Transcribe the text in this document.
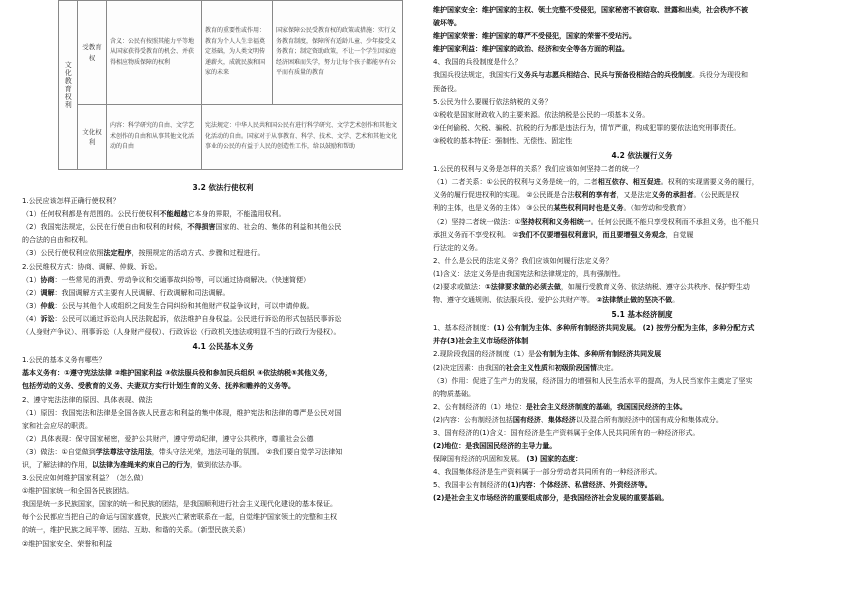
文化教育权利	受教育权	含义：公民有按照其能力平等地从国家获得受教育的机会、并获得相应物质保障的权利	教育的重要性或作用：教育为个人人生幸福奠定基础，为人类文明传递薪火，成就民族和国家的未来	国家保障公民受教育权的政策或措施：实行义务教育制度，保障所有适龄儿童、少年接受义务教育；制定资助政策，不让一个学生因家庭经济困难而失学，努力让每个孩子都能享有公平而有质量的教育
	文化权利	内容：科学研究的自由、文学艺术创作的自由和从事其他文化活动的自由	宪法规定：中华人民共和国公民有进行科学研究、文学艺术创作和其他文化活动的自由。国家对于从事教育、科学、技术、文学、艺术和其他文化事业的公民的有益于人民的创造性工作，给以鼓励和帮助	

3.2 依法行使权利

1.公民应该怎样正确行使权利？

（1）任何权利都是有范围的。公民行使权利不能超越它本身的界限，不能滥用权利。

（2）我国宪法规定，公民在行使自由和权利的时候，不得损害国家的、社会的、集体的利益和其他公民

的合法的自由和权利。

（3）公民行使权利应依照法定程序，按照规定的活动方式、步骤和过程进行。

2.公民维权方式：协商、调解、仲裁、诉讼。

（1）协商：一些常见的消费、劳动争议和交通事故纠纷等，可以通过协商解决。（快速简便）

（2）调解：我国调解方式主要有人民调解、行政调解和司法调解。

（3）仲裁：公民与其他个人或组织之间发生合同纠纷和其他财产权益争议时，可以申请仲裁。

（4）诉讼：公民可以通过诉讼向人民法院起诉，依法维护自身权益。公民进行诉讼的形式包括民事诉讼

（人身财产争议）、刑事诉讼（人身财产侵权）、行政诉讼（行政机关违法或明显不当的行政行为侵权）。

4.1 公民基本义务

1.公民的基本义务有哪些？

基本义务有：①遵守宪法法律 ②维护国家利益 ③依法服兵役和参加民兵组织 ④依法纳税⑤其他义务，

包括劳动的义务、受教育的义务、夫妻双方实行计划生育的义务、抚养和赡养的义务等。

2、遵守宪法法律的原因、具体表现、做法

（1）原因：我国宪法和法律是全国各族人民意志和利益的集中体现，维护宪法和法律的尊严是公民对国

家和社会应尽的职责。

（2）具体表现：保守国家秘密，爱护公共财产，遵守劳动纪律，遵守公共秩序，尊重社会公德

（3）做法：①自觉做到学法尊法守法用法，带头守法光荣，违法可耻的氛围。 ②我们要自觉学习法律知

识，了解法律的作用，以法律为准绳来约束自己的行为，做到依法办事。

3.公民应如何维护国家利益？（怎么做）

①维护国家统一和全国各民族团结。

我国是统一多民族国家，国家的统一和民族的团结，是我国顺利进行社会主义现代化建设的基本保证。

每个公民都应当把自己的命运与国家盛衰，民族兴亡紧密联系在一起，自觉维护国家领土的完整和主权

的统一，维护民族之间平等、团结、互助、和谐的关系。（新型民族关系）

②维护国家安全、荣誉和利益

维护国家安全：维护国家的主权、领土完整不受侵犯，国家秘密不被窃取、泄露和出卖，社会秩序不被

破坏等。

维护国家荣誉：维护国家的尊严不受侵犯，国家的荣誉不受玷污。

维护国家利益：维护国家的政治、经济和安全等各方面的利益。

4、我国的兵役制度是什么？

我国兵役法规定，我国实行义务兵与志愿兵相结合、民兵与预备役相结合的兵役制度。兵役分为现役和

预备役。

5.公民为什么要履行依法纳税的义务？

①税收是国家财政收入的主要来源。依法纳税是公民的一项基本义务。

②任何偷税、欠税、骗税、抗税的行为都是违法行为，情节严重，构成犯罪的要依法追究刑事责任。

③税收的基本特征：强制性、无偿性、固定性

4.2 依法履行义务

1.公民的权利与义务是怎样的关系？我们应该如何坚持二者的统一？

（1）二者关系：①公民的权利与义务是统一的，二者相互依存、相互促进。权利的实现需要义务的履行，

义务的履行促进权利的实现。 ②公民既是合法权利的享有者，又是法定义务的承担者。（公民既是权

利的主体，也是义务的主体） ③公民的某些权利同时也是义务。（如劳动和受教育）

（2）坚持二者统一做法：①坚持权利和义务相统一。任何公民既不能只享受权利而不承担义务，也不能只

承担义务而不享受权利。 ②我们不仅要增强权利意识，而且要增强义务观念，自觉履

行法定的义务。

2、什么是公民的法定义务？我们应该如何履行法定义务？

(1)含义：法定义务是由我国宪法和法律规定的，具有强制性。

(2)要求或做法：①法律要求做的必须去做，如履行受教育义务、依法纳税、遵守公共秩序、保护野生动

物、遵守交通规则、依法服兵役、爱护公共财产等。 ②法律禁止做的坚决不做。

5.1 基本经济制度

1、基本经济制度：(1) 公有制为主体、多种所有制经济共同发展。 (2) 按劳分配为主体，多种分配方式

并存(3)社会主义市场经济体制

2.现阶段我国的经济制度（1）是公有制为主体、多种所有制经济共同发展

(2)决定因素：由我国的社会主义性质和初级阶段国情决定。

（3）作用：促进了生产力的发展，经济国力的增强和人民生活水平的提高，为人民当家作主奠定了坚实

的物质基础。

2、公有制经济的（1）地位：是社会主义经济制度的基础，我国国民经济的主体。

(2)内容：公有制经济包括国有经济、集体经济以及混合所有制经济中的国有成分和集体成分。

3、国有经济的(1)含义：国有经济是生产资料属于全体人民共同所有的一种经济形式。

(2)地位：是我国国民经济的主导力量。

保障国有经济的巩固和发展。 (3) 国家的态度：

4、我国集体经济是生产资料属于一部分劳动者共同所有的一种经济形式。

5、我国非公有制经济的(1)内容：个体经济、私营经济、外资经济等。

(2)是社会主义市场经济的重要组成部分，是我国经济社会发展的重要基础。
